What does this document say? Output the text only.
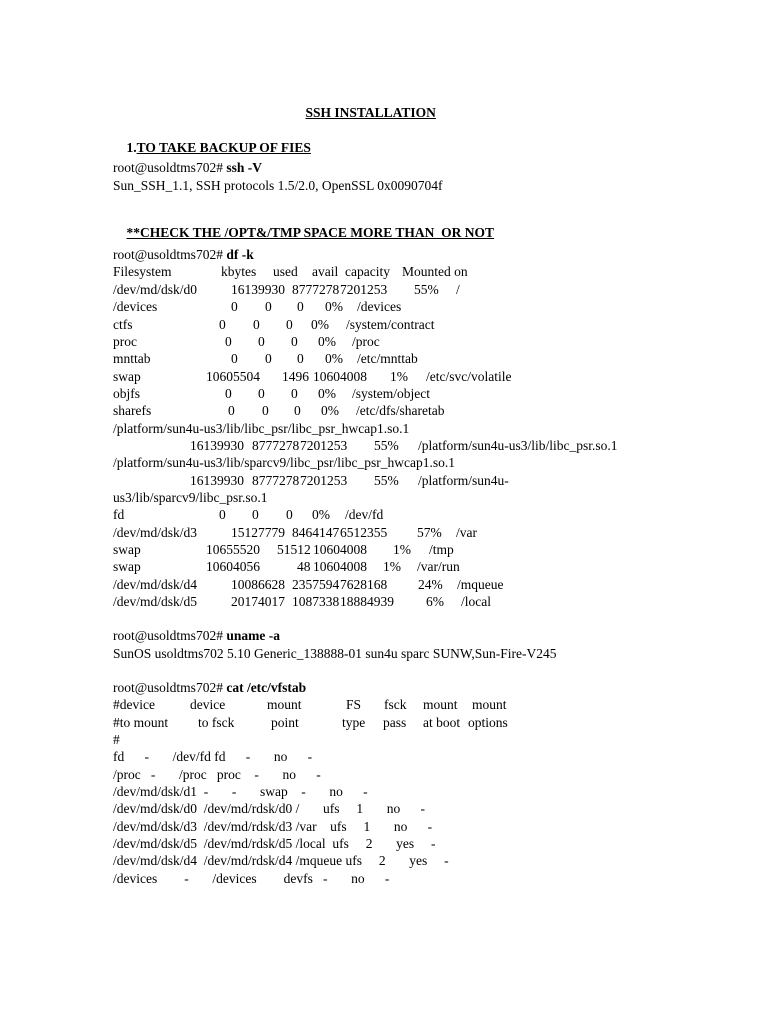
SSH INSTALLATION

1.TO TAKE BACKUP OF FIES

root@usoldtms702# ssh -V
Sun_SSH_1.1, SSH protocols 1.5/2.0, OpenSSL 0x0090704f

**CHECK THE /OPT&/TMP SPACE MORE THAN  OR NOT

root@usoldtms702# df -k
Filesystem	kbytes used avail capacity Mounted on
/dev/md/dsk/d0	16139930 8777278 7201253 55% /
/devices	0 0 0 0% /devices
ctfs	0 0 0 0% /system/contract
proc	0 0 0 0% /proc
mnttab	0 0 0 0% /etc/mnttab
swap	10605504 1496 10604008 1% /etc/svc/volatile
objfs	0 0 0 0% /system/object
sharefs	0 0 0 0% /etc/dfs/sharetab
/platform/sun4u-us3/lib/libc_psr/libc_psr_hwcap1.so.1
16139930 8777278 7201253 55% /platform/sun4u-us3/lib/libc_psr.so.1
/platform/sun4u-us3/lib/sparcv9/libc_psr/libc_psr_hwcap1.so.1
16139930 8777278 7201253 55% /platform/sun4u-
us3/lib/sparcv9/libc_psr.so.1
fd	0 0 0 0% /dev/fd
/dev/md/dsk/d3	15127779 8464147 6512355 57% /var
swap	10655520 51512 10604008 1% /tmp
swap	10604056	48 10604008 1% /var/run
/dev/md/dsk/d4	10086628 2357594 7628168 24% /mqueue
/dev/md/dsk/d5	20174017 1087338 18884939 6% /local
root@usoldtms702# uname -a
SunOS usoldtms702 5.10 Generic_138888-01 sun4u sparc SUNW,Sun-Fire-V245
root@usoldtms702# cat /etc/vfstab
#device	device	mount	FS fsck mount mount
#to mount to fsck	point	type pass at boot options
#
fd      -       /dev/fd fd      -       no      -
/proc   -       /proc   proc    -       no      -
/dev/md/dsk/d1  -       -       swap    -       no      -
/dev/md/dsk/d0  /dev/md/rdsk/d0 /       ufs     1       no      -
/dev/md/dsk/d3  /dev/md/rdsk/d3 /var    ufs     1       no      -
/dev/md/dsk/d5  /dev/md/rdsk/d5 /local  ufs     2       yes     -
/dev/md/dsk/d4  /dev/md/rdsk/d4 /mqueue ufs     2       yes     -
/devices        -       /devices        devfs   -       no      -
